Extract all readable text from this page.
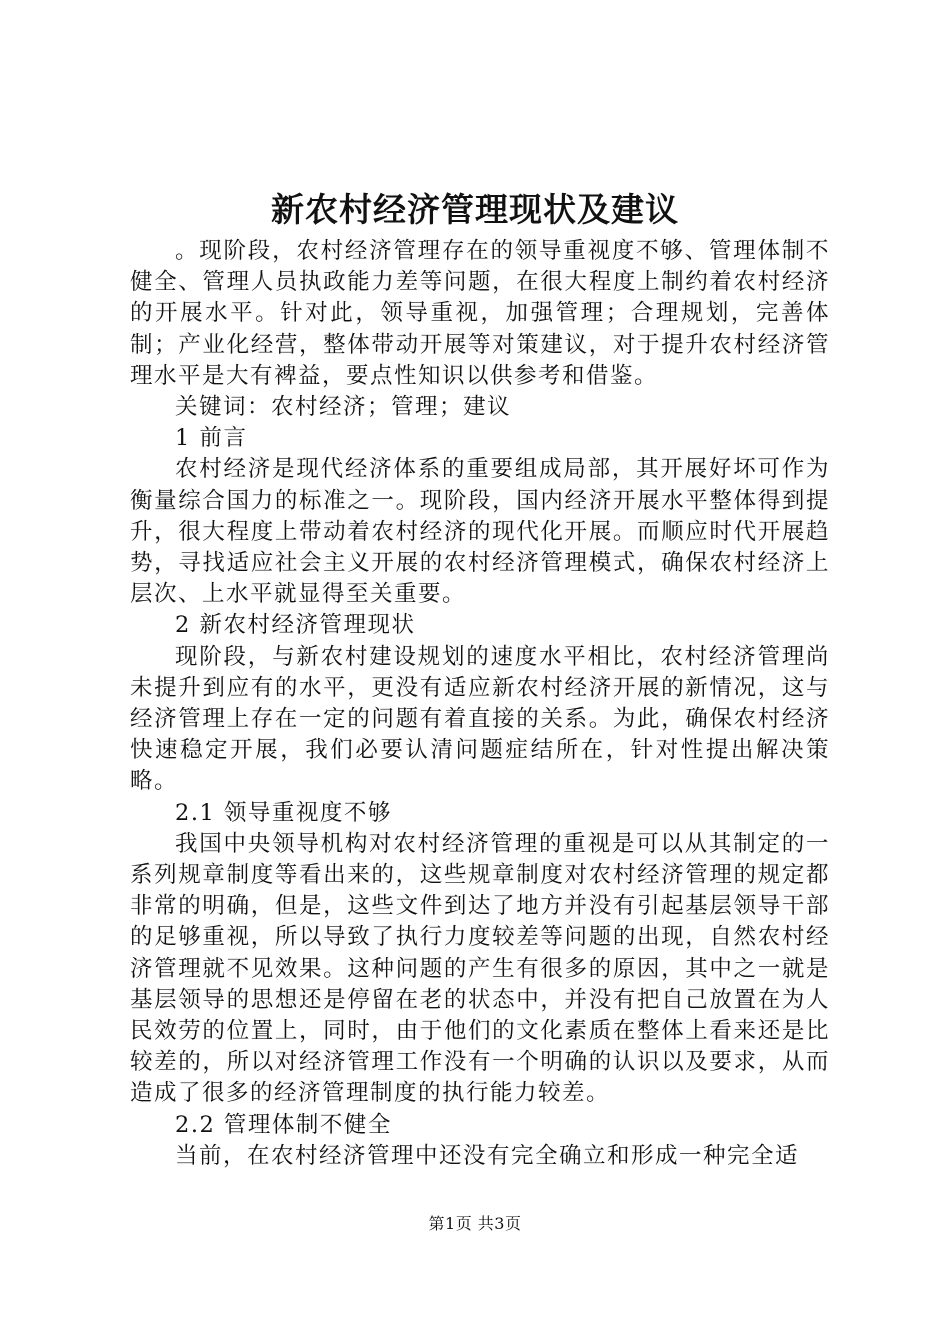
新农村经济管理现状及建议

。现阶段，农村经济管理存在的领导重视度不够、管理体制不健全、管理人员执政能力差等问题，在很大程度上制约着农村经济的开展水平。针对此，领导重视，加强管理；合理规划，完善体制；产业化经营，整体带动开展等对策建议，对于提升农村经济管理水平是大有裨益，要点性知识以供参考和借鉴。

关键词：农村经济；管理；建议

1 前言

农村经济是现代经济体系的重要组成局部，其开展好坏可作为衡量综合国力的标准之一。现阶段，国内经济开展水平整体得到提升，很大程度上带动着农村经济的现代化开展。而顺应时代开展趋势，寻找适应社会主义开展的农村经济管理模式，确保农村经济上层次、上水平就显得至关重要。

2 新农村经济管理现状

现阶段，与新农村建设规划的速度水平相比，农村经济管理尚未提升到应有的水平，更没有适应新农村经济开展的新情况，这与经济管理上存在一定的问题有着直接的关系。为此，确保农村经济快速稳定开展，我们必要认清问题症结所在，针对性提出解决策略。

2.1 领导重视度不够

我国中央领导机构对农村经济管理的重视是可以从其制定的一系列规章制度等看出来的，这些规章制度对农村经济管理的规定都非常的明确，但是，这些文件到达了地方并没有引起基层领导干部的足够重视，所以导致了执行力度较差等问题的出现，自然农村经济管理就不见效果。这种问题的产生有很多的原因，其中之一就是基层领导的思想还是停留在老的状态中，并没有把自己放置在为人民效劳的位置上，同时，由于他们的文化素质在整体上看来还是比较差的，所以对经济管理工作没有一个明确的认识以及要求，从而造成了很多的经济管理制度的执行能力较差。

2.2 管理体制不健全

当前，在农村经济管理中还没有完全确立和形成一种完全适

第1页 共3页
